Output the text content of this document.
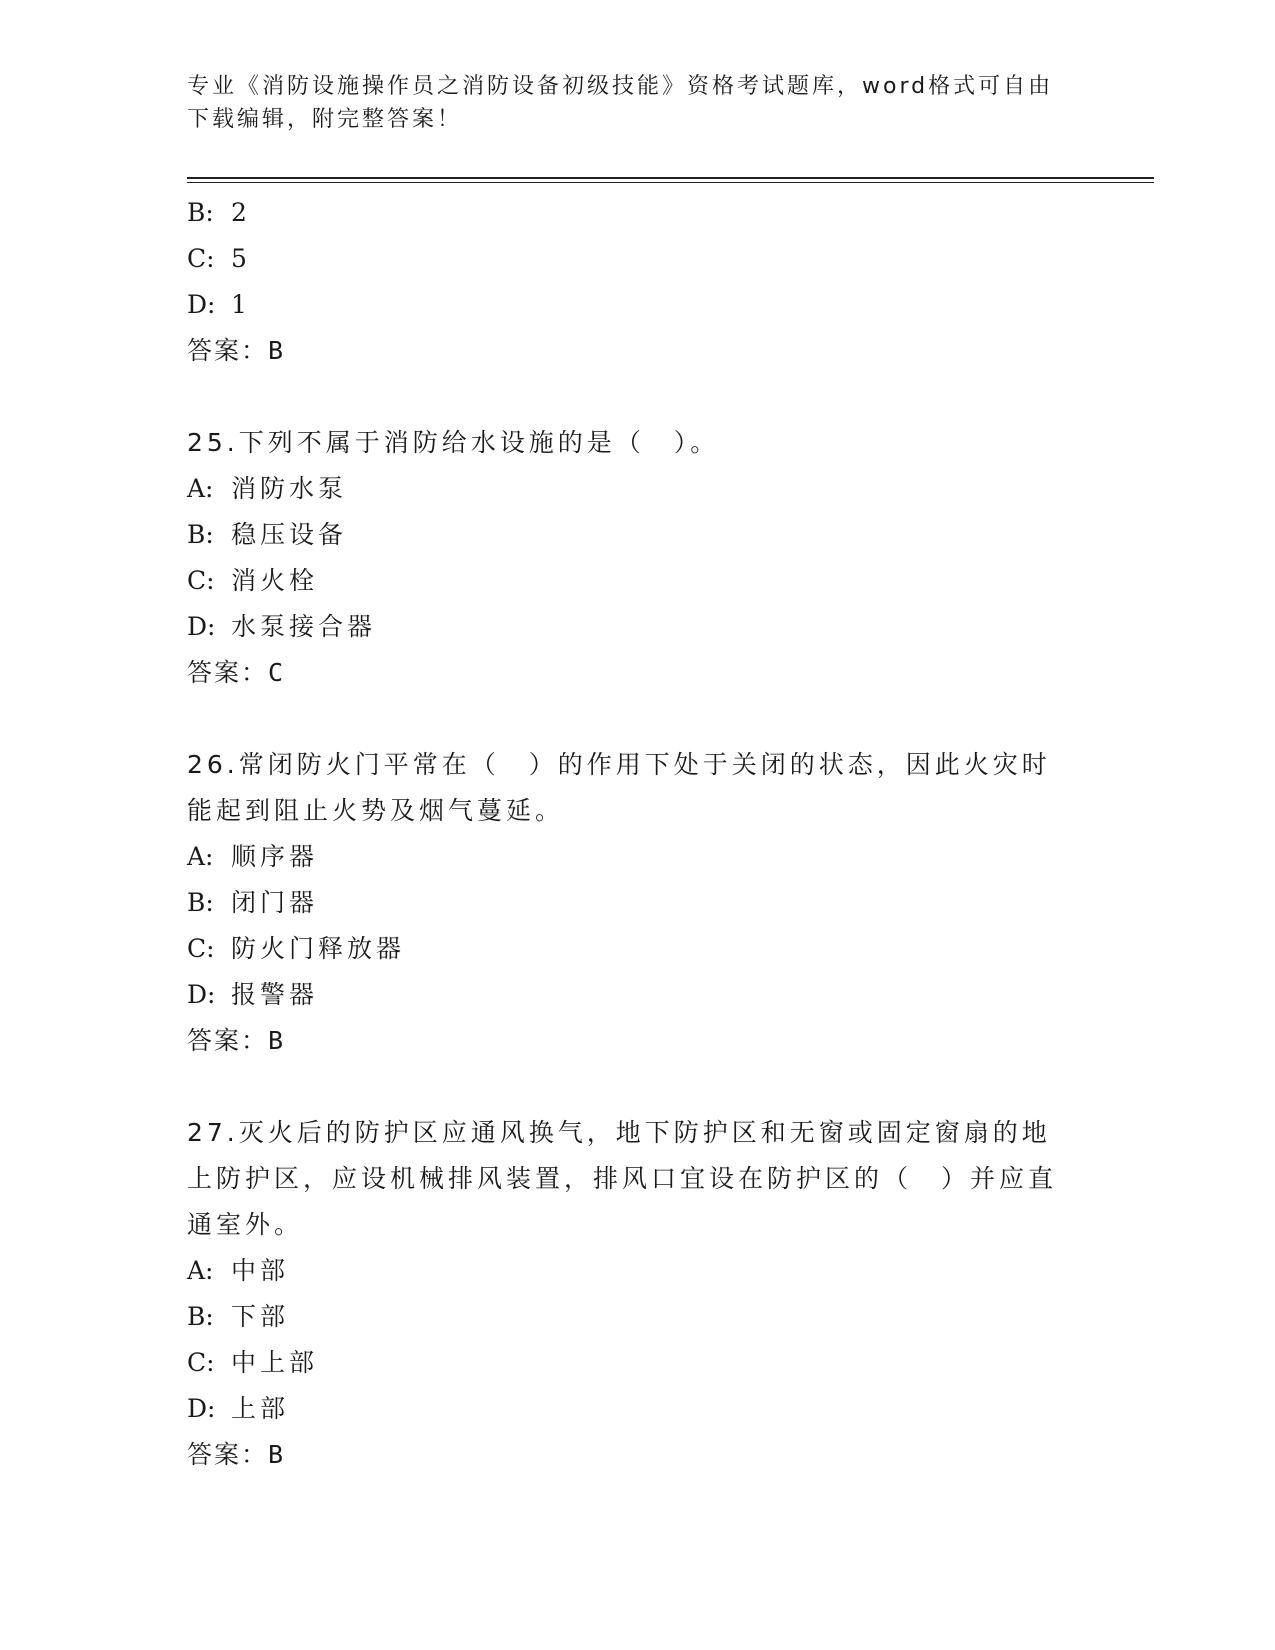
专业《消防设施操作员之消防设备初级技能》资格考试题库，word格式可自由下载编辑，附完整答案！
B: 2
C: 5
D: 1
答案：B
25.下列不属于消防给水设施的是（　）。
A: 消防水泵
B: 稳压设备
C: 消火栓
D: 水泵接合器
答案：C
26.常闭防火门平常在（　）的作用下处于关闭的状态，因此火灾时能起到阻止火势及烟气蔓延。
A: 顺序器
B: 闭门器
C: 防火门释放器
D: 报警器
答案：B
27.灭火后的防护区应通风换气，地下防护区和无窗或固定窗扇的地上防护区，应设机械排风装置，排风口宜设在防护区的（　）并应直通室外。
A: 中部
B: 下部
C: 中上部
D: 上部
答案：B
